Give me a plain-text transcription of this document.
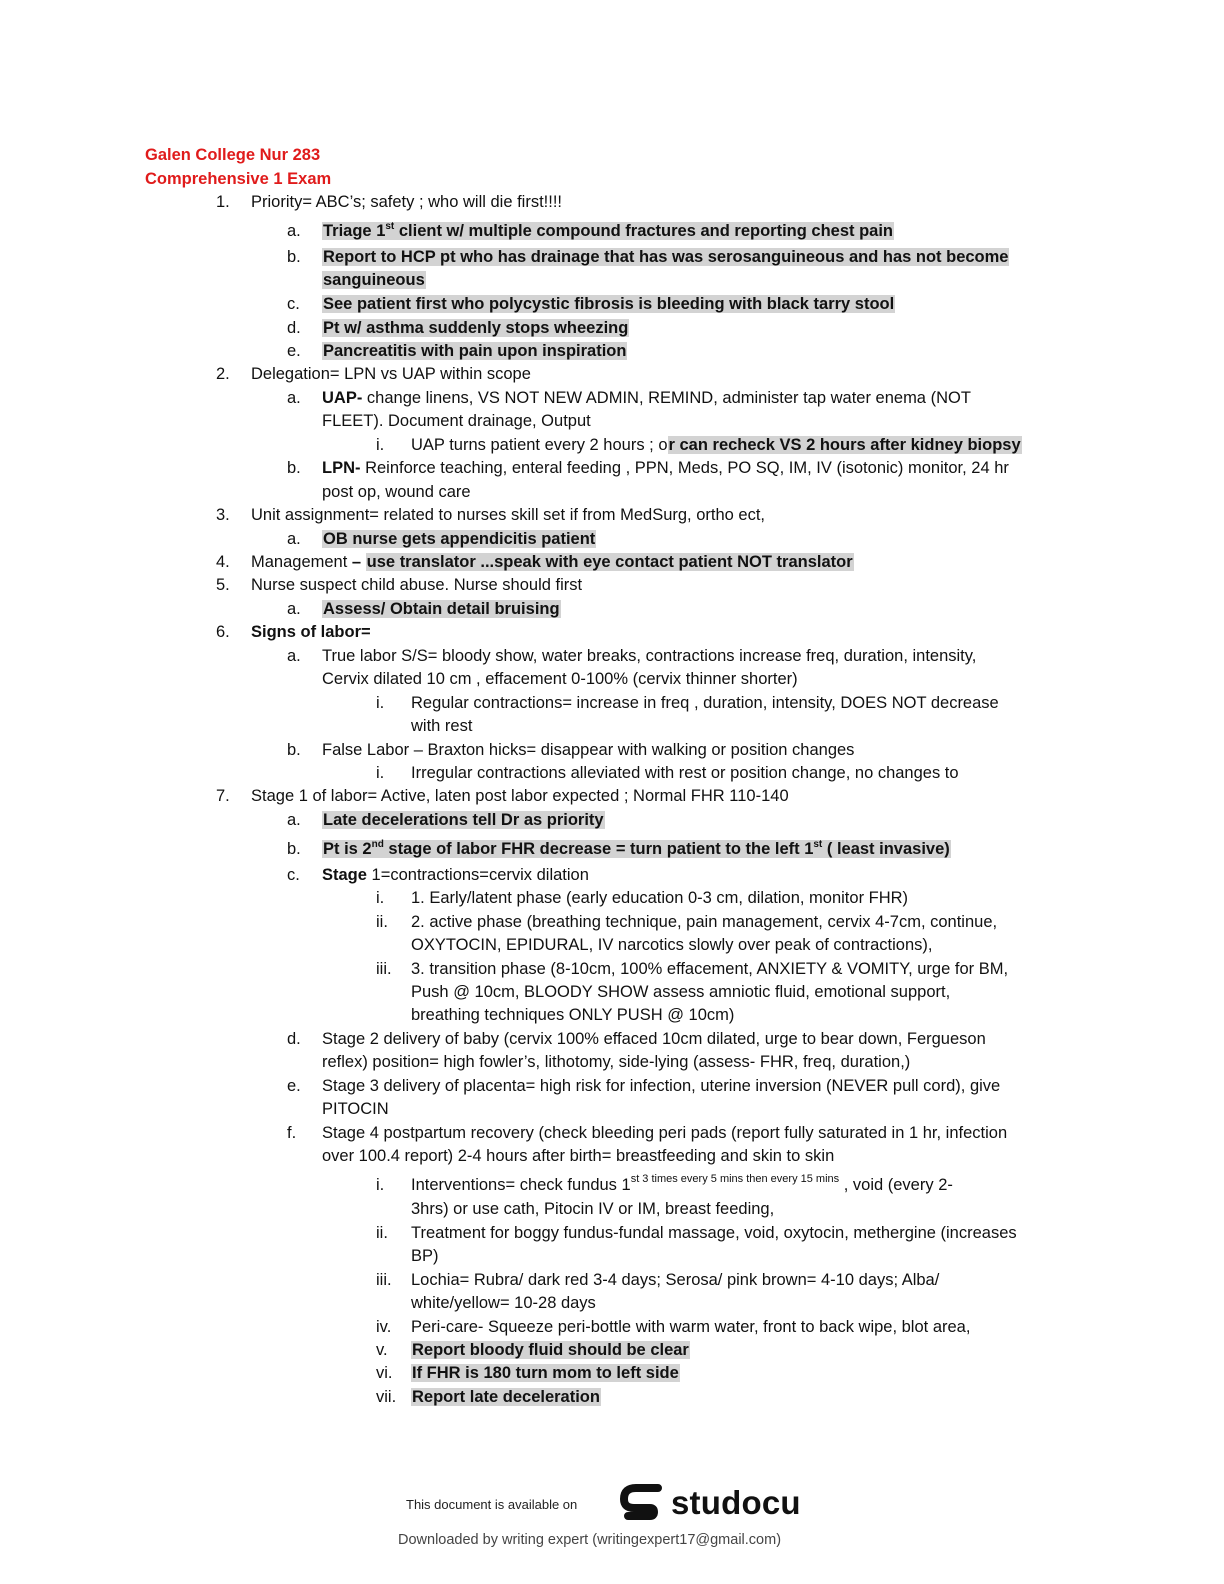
Galen College Nur 283
Comprehensive 1 Exam
1. Priority= ABC’s; safety ; who will die first!!!!
a. Triage 1st client w/ multiple compound fractures and reporting chest pain
b. Report to HCP pt who has drainage that has was serosanguineous and has not become
sanguineous
c. See patient first who polycystic fibrosis is bleeding with black tarry stool
d. Pt w/ asthma suddenly stops wheezing
e. Pancreatitis with pain upon inspiration
2. Delegation= LPN vs UAP within scope
a. UAP- change linens, VS NOT NEW ADMIN, REMIND, administer tap water enema (NOT
FLEET). Document drainage, Output
i. UAP turns patient every 2 hours ; or can recheck VS 2 hours after kidney biopsy
b. LPN- Reinforce teaching, enteral feeding , PPN, Meds, PO SQ, IM, IV (isotonic) monitor, 24 hr
post op, wound care
3. Unit assignment= related to nurses skill set if from MedSurg, ortho ect,
a. OB nurse gets appendicitis patient
4. Management – use translator ...speak with eye contact patient NOT translator
5. Nurse suspect child abuse. Nurse should first
a. Assess/ Obtain detail bruising
6. Signs of labor=
a. True labor S/S= bloody show, water breaks, contractions increase freq, duration, intensity,
Cervix dilated 10 cm , effacement 0-100% (cervix thinner shorter)
i. Regular contractions= increase in freq , duration, intensity, DOES NOT decrease
with rest
b. False Labor – Braxton hicks= disappear with walking or position changes
i. Irregular contractions alleviated with rest or position change, no changes to
7. Stage 1 of labor= Active, laten post labor expected ; Normal FHR 110-140
a. Late decelerations tell Dr as priority
b. Pt is 2nd stage of labor FHR decrease = turn patient to the left 1st ( least invasive)
c. Stage 1=contractions=cervix dilation
i. 1. Early/latent phase (early education 0-3 cm, dilation, monitor FHR)
ii. 2. active phase (breathing technique, pain management, cervix 4-7cm, continue,
OXYTOCIN, EPIDURAL, IV narcotics slowly over peak of contractions),
iii. 3. transition phase (8-10cm, 100% effacement, ANXIETY & VOMITY, urge for BM,
Push @ 10cm, BLOODY SHOW assess amniotic fluid, emotional support,
breathing techniques ONLY PUSH @ 10cm)
d. Stage 2 delivery of baby (cervix 100% effaced 10cm dilated, urge to bear down, Fergueson
reflex) position= high fowler’s, lithotomy, side-lying (assess- FHR, freq, duration,)
e. Stage 3 delivery of placenta= high risk for infection, uterine inversion (NEVER pull cord), give
PITOCIN
f. Stage 4 postpartum recovery (check bleeding peri pads (report fully saturated in 1 hr, infection
over 100.4 report) 2-4 hours after birth= breastfeeding and skin to skin
i. Interventions= check fundus $1^{st 3 times every 5 mins then every 15 mins}$ , void (every 2-
3hrs) or use cath, Pitocin IV or IM, breast feeding,
ii. Treatment for boggy fundus-fundal massage, void, oxytocin, methergine (increases
BP)
iii. Lochia= Rubra/ dark red 3-4 days; Serosa/ pink brown= 4-10 days; Alba/
white/yellow= 10-28 days
iv. Peri-care- Squeeze peri-bottle with warm water, front to back wipe, blot area,
v. Report bloody fluid should be clear
vi. If FHR is 180 turn mom to left side
vii. Report late deceleration
This document is available on	studocu
Downloaded by writing expert (writingexpert17@gmail.com)
